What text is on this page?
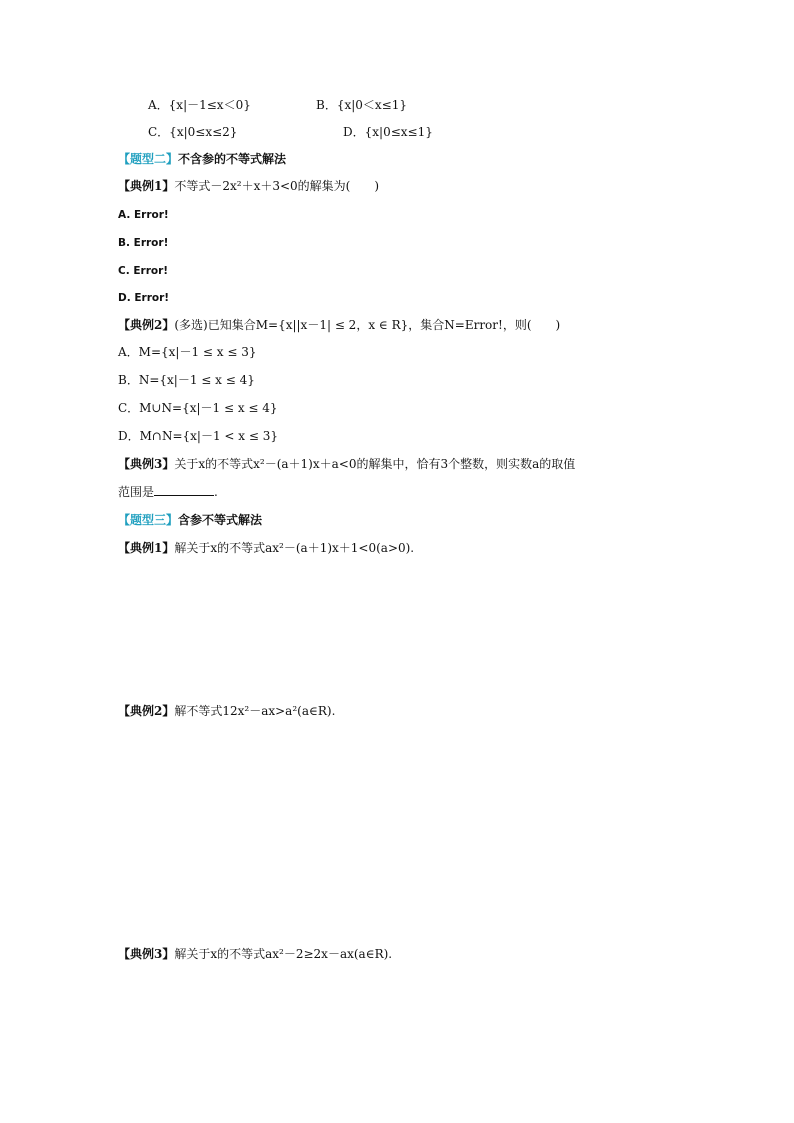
A．{x|－1≤x＜0}	B．{x|0＜x≤1}
C．{x|0≤x≤2}	D．{x|0≤x≤1}
【题型二】不含参的不等式解法
【典例1】不等式－2x²＋x＋3<0的解集为(　　)
A. Error!
B. Error!
C. Error!
D. Error!
【典例2】(多选)已知集合M={x||x－1| ≤ 2，x ∈ R}，集合N=Error!，则(　　)
A．M={x|－1 ≤ x ≤ 3}
B．N={x|－1 ≤ x ≤ 4}
C．M∪N={x|－1 ≤ x ≤ 4}
D．M∩N={x|－1 < x ≤ 3}
【典例3】关于x的不等式x²－(a＋1)x＋a<0的解集中，恰有3个整数，则实数a的取值
范围是	.
【题型三】含参不等式解法
【典例1】解关于x的不等式ax²－(a＋1)x＋1<0(a>0).
【典例2】解不等式12x²－ax>a²(a∈R).
【典例3】解关于x的不等式ax²－2≥2x－ax(a∈R).
